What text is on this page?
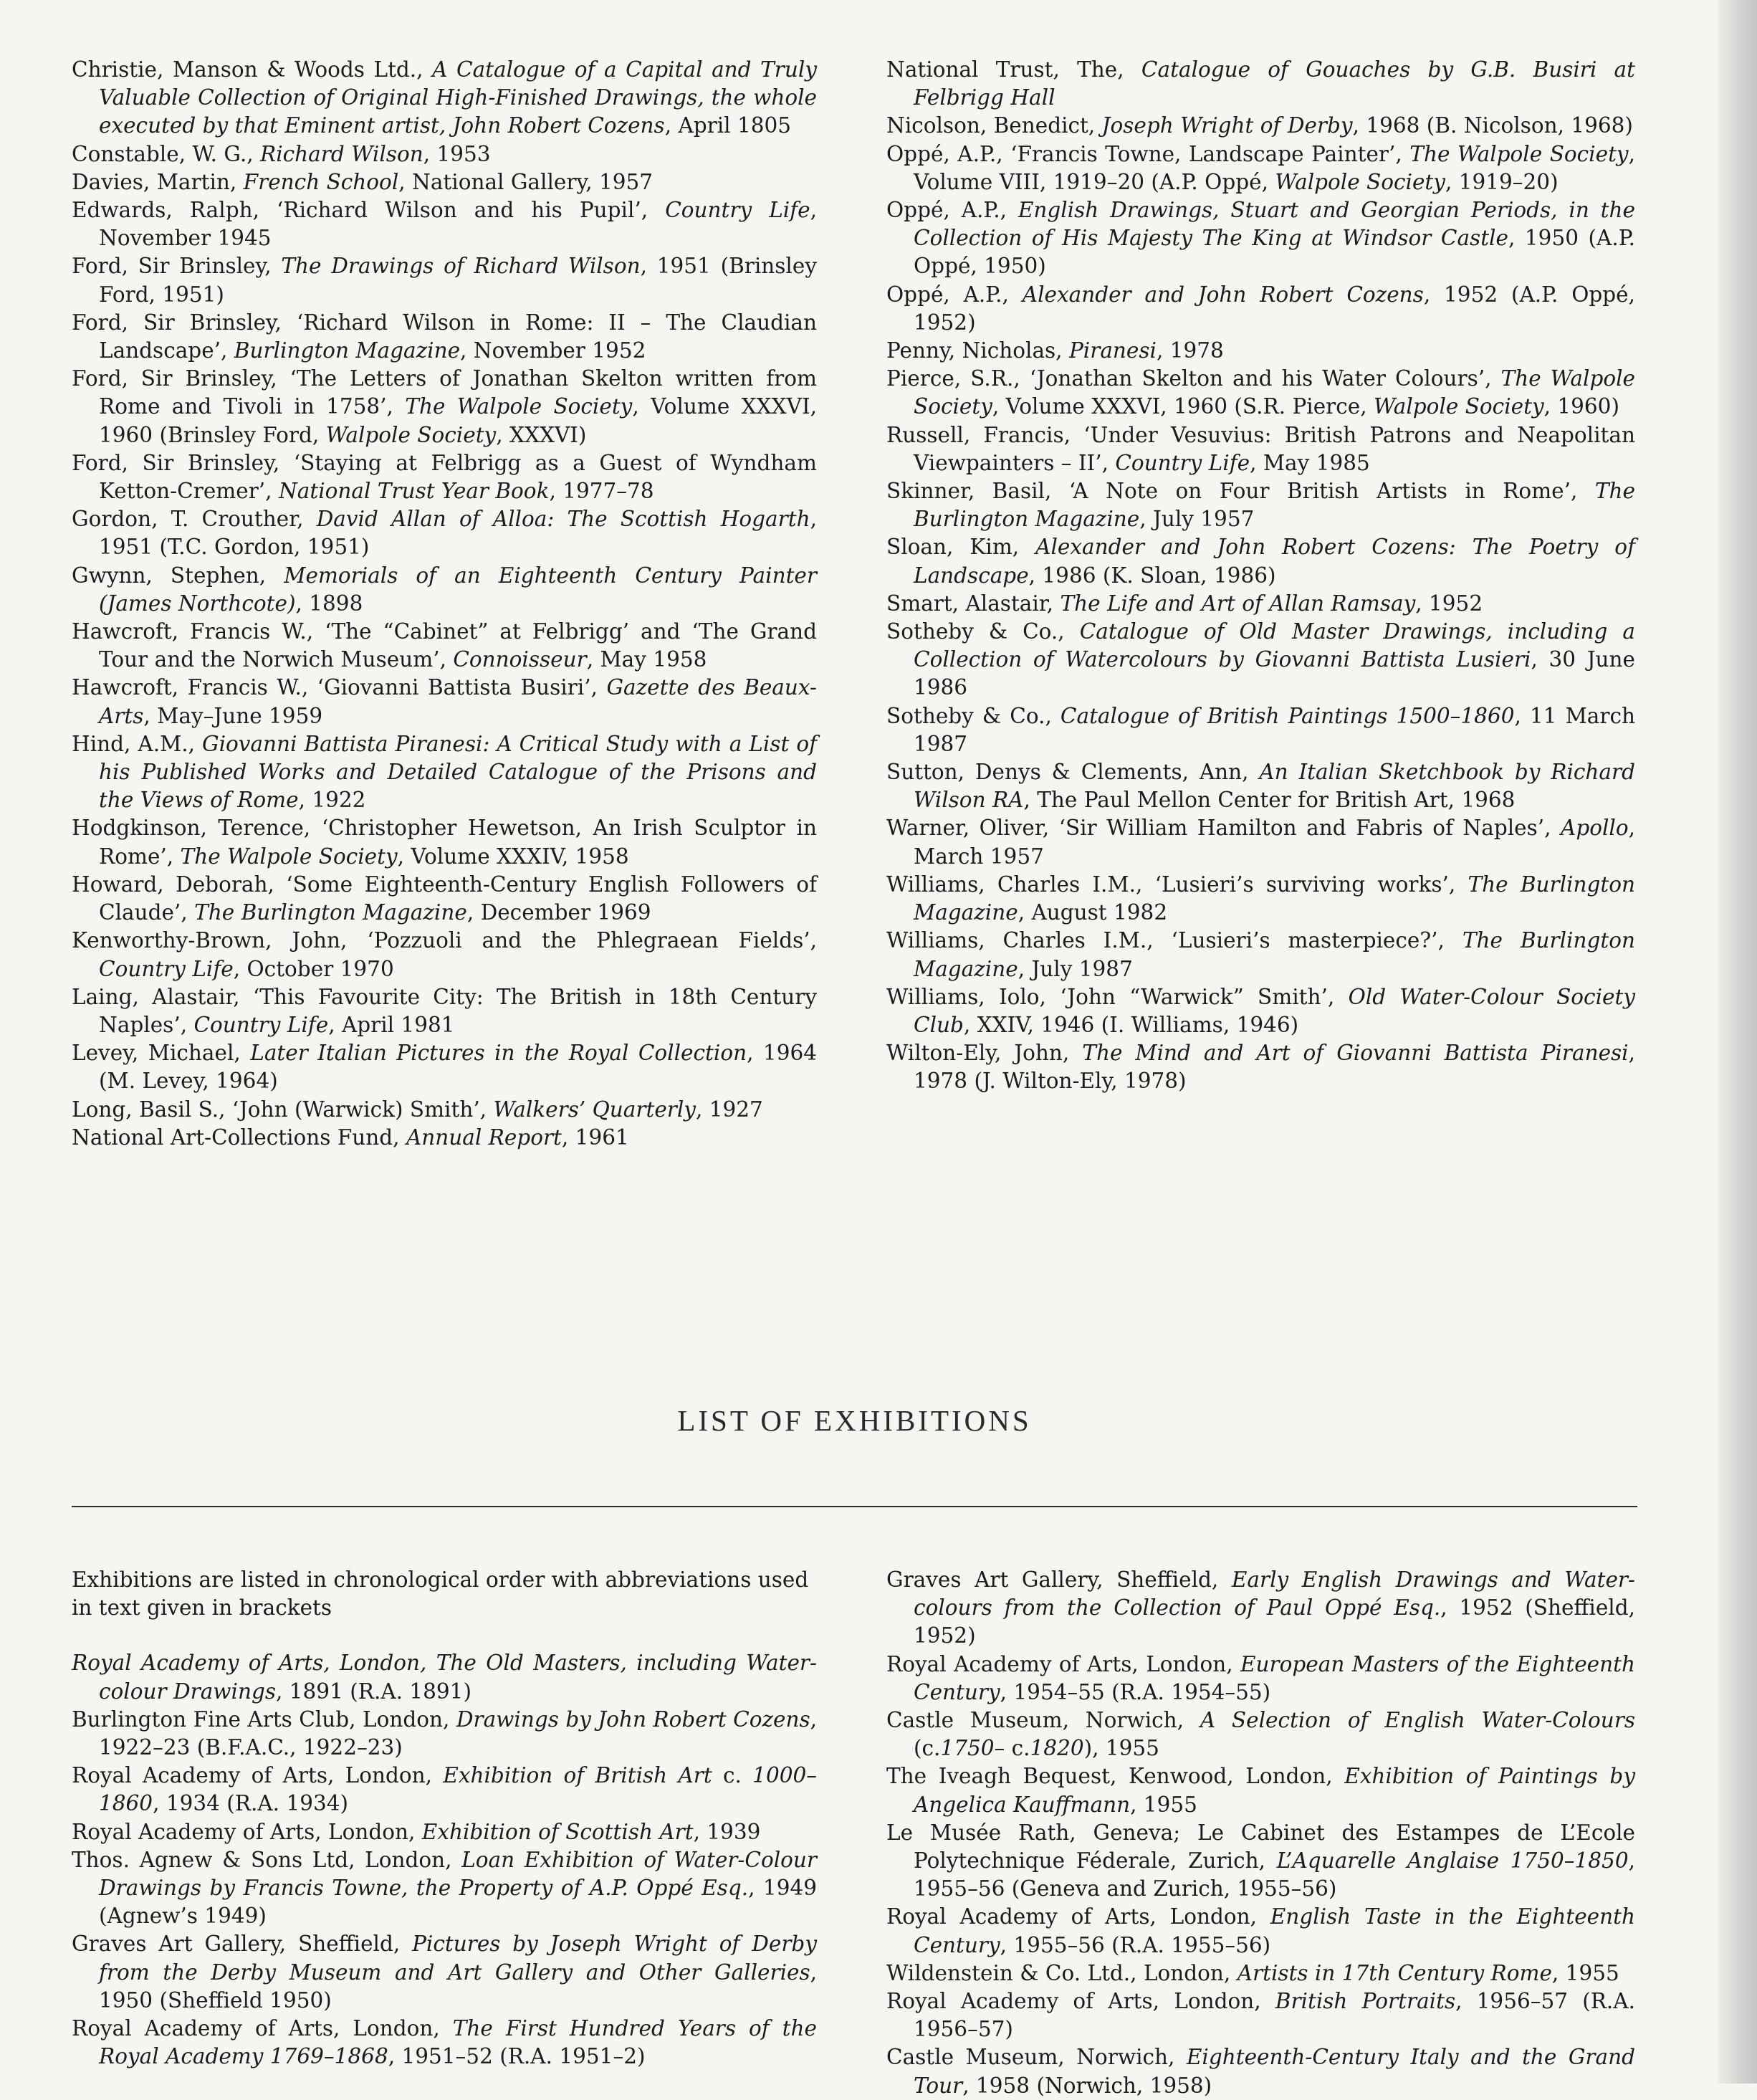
Christie, Manson & Woods Ltd., A Catalogue of a Capital and Truly Valuable Collection of Original High-Finished Drawings, the whole executed by that Eminent artist, John Robert Cozens, April 1805
Constable, W. G., Richard Wilson, 1953
Davies, Martin, French School, National Gallery, 1957
Edwards, Ralph, ‘Richard Wilson and his Pupil’, Country Life, November 1945
Ford, Sir Brinsley, The Drawings of Richard Wilson, 1951 (Brinsley Ford, 1951)
Ford, Sir Brinsley, ‘Richard Wilson in Rome: II – The Claudian Landscape’, Burlington Magazine, November 1952
Ford, Sir Brinsley, ‘The Letters of Jonathan Skelton written from Rome and Tivoli in 1758’, The Walpole Society, Volume XXXVI, 1960 (Brinsley Ford, Walpole Society, XXXVI)
Ford, Sir Brinsley, ‘Staying at Felbrigg as a Guest of Wyndham Ketton-Cremer’, National Trust Year Book, 1977–78
Gordon, T. Crouther, David Allan of Alloa: The Scottish Hogarth, 1951 (T.C. Gordon, 1951)
Gwynn, Stephen, Memorials of an Eighteenth Century Painter (James Northcote), 1898
Hawcroft, Francis W., ‘The “Cabinet” at Felbrigg’ and ‘The Grand Tour and the Norwich Museum’, Connoisseur, May 1958
Hawcroft, Francis W., ‘Giovanni Battista Busiri’, Gazette des Beaux-Arts, May–June 1959
Hind, A.M., Giovanni Battista Piranesi: A Critical Study with a List of his Published Works and Detailed Catalogue of the Prisons and the Views of Rome, 1922
Hodgkinson, Terence, ‘Christopher Hewetson, An Irish Sculptor in Rome’, The Walpole Society, Volume XXXIV, 1958
Howard, Deborah, ‘Some Eighteenth-Century English Followers of Claude’, The Burlington Magazine, December 1969
Kenworthy-Brown, John, ‘Pozzuoli and the Phlegraean Fields’, Country Life, October 1970
Laing, Alastair, ‘This Favourite City: The British in 18th Century Naples’, Country Life, April 1981
Levey, Michael, Later Italian Pictures in the Royal Collection, 1964 (M. Levey, 1964)
Long, Basil S., ‘John (Warwick) Smith’, Walkers’ Quarterly, 1927
National Art-Collections Fund, Annual Report, 1961
National Trust, The, Catalogue of Gouaches by G.B. Busiri at Felbrigg Hall
Nicolson, Benedict, Joseph Wright of Derby, 1968 (B. Nicolson, 1968)
Oppé, A.P., ‘Francis Towne, Landscape Painter’, The Walpole Society, Volume VIII, 1919–20 (A.P. Oppé, Walpole Society, 1919–20)
Oppé, A.P., English Drawings, Stuart and Georgian Periods, in the Collection of His Majesty The King at Windsor Castle, 1950 (A.P. Oppé, 1950)
Oppé, A.P., Alexander and John Robert Cozens, 1952 (A.P. Oppé, 1952)
Penny, Nicholas, Piranesi, 1978
Pierce, S.R., ‘Jonathan Skelton and his Water Colours’, The Walpole Society, Volume XXXVI, 1960 (S.R. Pierce, Walpole Society, 1960)
Russell, Francis, ‘Under Vesuvius: British Patrons and Neapolitan Viewpainters – II’, Country Life, May 1985
Skinner, Basil, ‘A Note on Four British Artists in Rome’, The Burlington Magazine, July 1957
Sloan, Kim, Alexander and John Robert Cozens: The Poetry of Landscape, 1986 (K. Sloan, 1986)
Smart, Alastair, The Life and Art of Allan Ramsay, 1952
Sotheby & Co., Catalogue of Old Master Drawings, including a Collection of Watercolours by Giovanni Battista Lusieri, 30 June 1986
Sotheby & Co., Catalogue of British Paintings 1500–1860, 11 March 1987
Sutton, Denys & Clements, Ann, An Italian Sketchbook by Richard Wilson RA, The Paul Mellon Center for British Art, 1968
Warner, Oliver, ‘Sir William Hamilton and Fabris of Naples’, Apollo, March 1957
Williams, Charles I.M., ‘Lusieri’s surviving works’, The Burlington Magazine, August 1982
Williams, Charles I.M., ‘Lusieri’s masterpiece?’, The Burlington Magazine, July 1987
Williams, Iolo, ‘John “Warwick” Smith’, Old Water-Colour Society Club, XXIV, 1946 (I. Williams, 1946)
Wilton-Ely, John, The Mind and Art of Giovanni Battista Piranesi, 1978 (J. Wilton-Ely, 1978)
LIST OF EXHIBITIONS
Exhibitions are listed in chronological order with abbreviations used in text given in brackets
Royal Academy of Arts, London, The Old Masters, including Water-colour Drawings, 1891 (R.A. 1891)
Burlington Fine Arts Club, London, Drawings by John Robert Cozens, 1922–23 (B.F.A.C., 1922–23)
Royal Academy of Arts, London, Exhibition of British Art c. 1000–1860, 1934 (R.A. 1934)
Royal Academy of Arts, London, Exhibition of Scottish Art, 1939
Thos. Agnew & Sons Ltd, London, Loan Exhibition of Water-Colour Drawings by Francis Towne, the Property of A.P. Oppé Esq., 1949 (Agnew’s 1949)
Graves Art Gallery, Sheffield, Pictures by Joseph Wright of Derby from the Derby Museum and Art Gallery and Other Galleries, 1950 (Sheffield 1950)
Royal Academy of Arts, London, The First Hundred Years of the Royal Academy 1769–1868, 1951–52 (R.A. 1951–2)
Graves Art Gallery, Sheffield, Early English Drawings and Water-colours from the Collection of Paul Oppé Esq., 1952 (Sheffield, 1952)
Royal Academy of Arts, London, European Masters of the Eighteenth Century, 1954–55 (R.A. 1954–55)
Castle Museum, Norwich, A Selection of English Water-Colours (c.1750– c.1820), 1955
The Iveagh Bequest, Kenwood, London, Exhibition of Paintings by Angelica Kauffmann, 1955
Le Musée Rath, Geneva; Le Cabinet des Estampes de L’Ecole Polytechnique Féderale, Zurich, L’Aquarelle Anglaise 1750–1850, 1955–56 (Geneva and Zurich, 1955–56)
Royal Academy of Arts, London, English Taste in the Eighteenth Century, 1955–56 (R.A. 1955–56)
Wildenstein & Co. Ltd., London, Artists in 17th Century Rome, 1955
Royal Academy of Arts, London, British Portraits, 1956–57 (R.A. 1956–57)
Castle Museum, Norwich, Eighteenth-Century Italy and the Grand Tour, 1958 (Norwich, 1958)
